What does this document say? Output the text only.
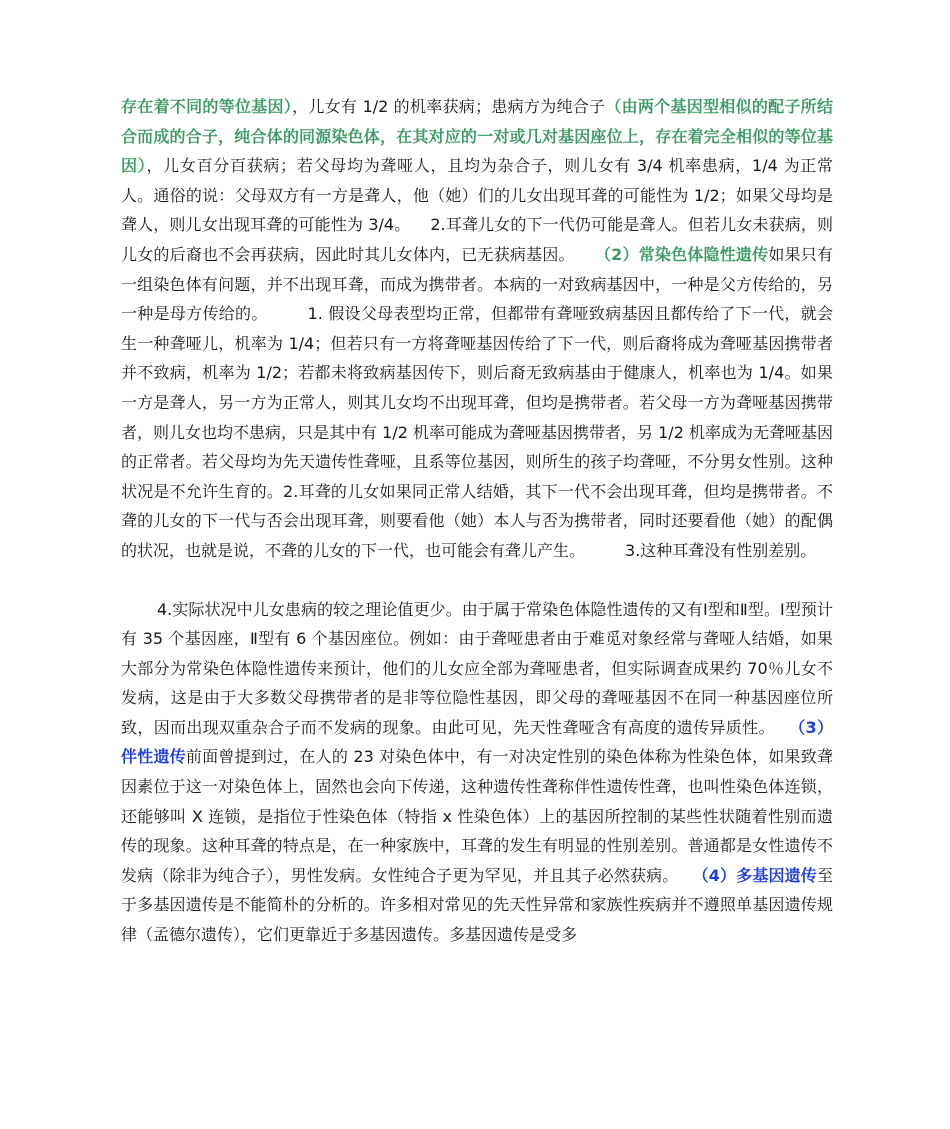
存在着不同的等位基因），儿女有 1/2 的机率获病；患病方为纯合子（由两个基因型相似的配子所结合而成的合子，纯合体的同源染色体，在其对应的一对或几对基因座位上，存在着完全相似的等位基因），儿女百分百获病；若父母均为聋哑人，且均为杂合子，则儿女有 3/4 机率患病，1/4 为正常人。通俗的说：父母双方有一方是聋人，他（她）们的儿女出现耳聋的可能性为 1/2；如果父母均是聋人，则儿女出现耳聋的可能性为 3/4。 2.耳聋儿女的下一代仍可能是聋人。但若儿女未获病，则儿女的后裔也不会再获病，因此时其儿女体内，已无获病基因。 （2）常染色体隐性遗传如果只有一组染色体有问题，并不出现耳聋，而成为携带者。本病的一对致病基因中，一种是父方传给的，另一种是母方传给的。	1. 假设父母表型均正常，但都带有聋哑致病基因且都传给了下一代，就会生一种聋哑儿，机率为 1/4；但若只有一方将聋哑基因传给了下一代，则后裔将成为聋哑基因携带者并不致病，机率为 1/2；若都未将致病基因传下，则后裔无致病基由于健康人，机率也为 1/4。如果一方是聋人，另一方为正常人，则其儿女均不出现耳聋，但均是携带者。若父母一方为聋哑基因携带者，则儿女也均不患病，只是其中有 1/2 机率可能成为聋哑基因携带者，另 1/2 机率成为无聋哑基因的正常者。若父母均为先天遗传性聋哑，且系等位基因，则所生的孩子均聋哑，不分男女性别。这种状况是不允许生育的。2.耳聋的儿女如果同正常人结婚，其下一代不会出现耳聋，但均是携带者。不聋的儿女的下一代与否会出现耳聋，则要看他（她）本人与否为携带者，同时还要看他（她）的配偶的状况，也就是说，不聋的儿女的下一代，也可能会有聋儿产生。	3.这种耳聋没有性别差别。

4.实际状况中儿女患病的较之理论值更少。由于属于常染色体隐性遗传的又有Ⅰ型和Ⅱ型。Ⅰ型预计有 35 个基因座，Ⅱ型有 6 个基因座位。例如：由于聋哑患者由于难觅对象经常与聋哑人结婚，如果大部分为常染色体隐性遗传来预计，他们的儿女应全部为聋哑患者，但实际调查成果约 70％儿女不发病，这是由于大多数父母携带者的是非等位隐性基因，即父母的聋哑基因不在同一种基因座位所致，因而出现双重杂合子而不发病的现象。由此可见，先天性聋哑含有高度的遗传异质性。 （3）伴性遗传前面曾提到过，在人的 23 对染色体中，有一对决定性别的染色体称为性染色体，如果致聋因素位于这一对染色体上，固然也会向下传递，这种遗传性聋称伴性遗传性聋，也叫性染色体连锁，还能够叫 X 连锁，是指位于性染色体（特指 x 性染色体）上的基因所控制的某些性状随着性别而遗传的现象。这种耳聋的特点是，在一种家族中，耳聋的发生有明显的性别差别。普通都是女性遗传不发病（除非为纯合子），男性发病。女性纯合子更为罕见，并且其子必然获病。 （4）多基因遗传至于多基因遗传是不能简朴的分析的。许多相对常见的先天性异常和家族性疾病并不遵照单基因遗传规律（孟德尔遗传），它们更靠近于多基因遗传。多基因遗传是受多
